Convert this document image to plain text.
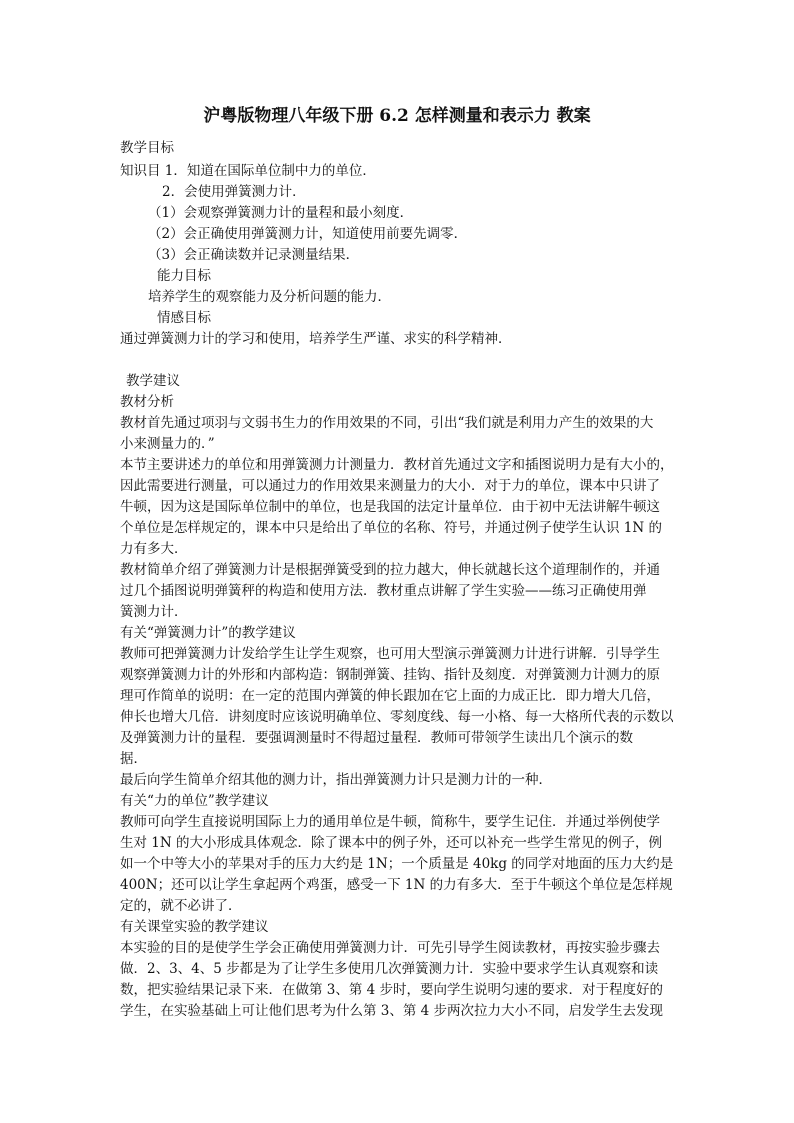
沪粤版物理八年级下册 6.2 怎样测量和表示力 教案
教学目标
知识目 1．知道在国际单位制中力的单位．
2．会使用弹簧测力计．
（1）会观察弹簧测力计的量程和最小刻度．
（2）会正确使用弹簧测力计，知道使用前要先调零．
（3）会正确读数并记录测量结果．
能力目标
培养学生的观察能力及分析问题的能力．
情感目标
通过弹簧测力计的学习和使用，培养学生严谨、求实的科学精神．
教学建议
教材分析
教材首先通过项羽与文弱书生力的作用效果的不同，引出“我们就是利用力产生的效果的大
小来测量力的．”
本节主要讲述力的单位和用弹簧测力计测量力．教材首先通过文字和插图说明力是有大小的，
因此需要进行测量，可以通过力的作用效果来测量力的大小．对于力的单位，课本中只讲了
牛顿，因为这是国际单位制中的单位，也是我国的法定计量单位．由于初中无法讲解牛顿这
个单位是怎样规定的，课本中只是给出了单位的名称、符号，并通过例子使学生认识 1N 的
力有多大．
教材简单介绍了弹簧测力计是根据弹簧受到的拉力越大，伸长就越长这个道理制作的，并通
过几个插图说明弹簧秤的构造和使用方法．教材重点讲解了学生实验——练习正确使用弹
簧测力计．
有关“弹簧测力计”的教学建议
教师可把弹簧测力计发给学生让学生观察，也可用大型演示弹簧测力计进行讲解．引导学生
观察弹簧测力计的外形和内部构造：钢制弹簧、挂钩、指针及刻度．对弹簧测力计测力的原
理可作简单的说明：在一定的范围内弹簧的伸长跟加在它上面的力成正比．即力增大几倍，
伸长也增大几倍．讲刻度时应该说明确单位、零刻度线、每一小格、每一大格所代表的示数以
及弹簧测力计的量程．要强调测量时不得超过量程．教师可带领学生读出几个演示的数
据．
最后向学生简单介绍其他的测力计，指出弹簧测力计只是测力计的一种．
有关“力的单位”教学建议
教师可向学生直接说明国际上力的通用单位是牛顿，简称牛，要学生记住．并通过举例使学
生对 1N 的大小形成具体观念．除了课本中的例子外，还可以补充一些学生常见的例子，例
如一个中等大小的苹果对手的压力大约是 1N；一个质量是 40kg 的同学对地面的压力大约是
400N；还可以让学生拿起两个鸡蛋，感受一下 1N 的力有多大．至于牛顿这个单位是怎样规
定的，就不必讲了．
有关课堂实验的教学建议
本实验的目的是使学生学会正确使用弹簧测力计．可先引导学生阅读教材，再按实验步骤去
做．2、3、4、5 步都是为了让学生多使用几次弹簧测力计．实验中要求学生认真观察和读
数，把实验结果记录下来．在做第 3、第 4 步时，要向学生说明匀速的要求．对于程度好的
学生，在实验基础上可让他们思考为什么第 3、第 4 步两次拉力大小不同，启发学生去发现
